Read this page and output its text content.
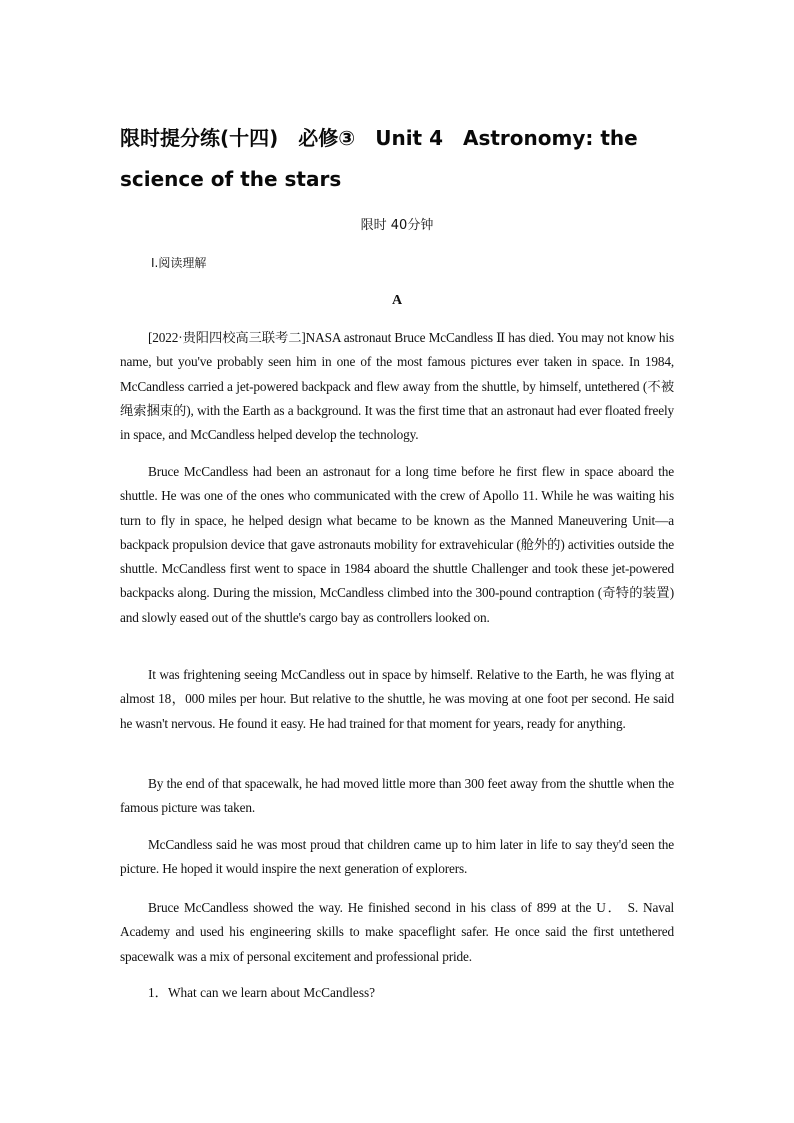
限时提分练(十四)　必修③　Unit 4　Astronomy: the
science of the stars
限时 40分钟
Ⅰ.阅读理解
A

[2022·贵阳四校高三联考二]NASA astronaut Bruce McCandless Ⅱ has died. You may not know his name, but you've probably seen him in one of the most famous pictures ever taken in space. In 1984, McCandless carried a jet-powered backpack and flew away from the shuttle, by himself, untethered (不被绳索捆束的), with the Earth as a background. It was the first time that an astronaut had ever floated freely in space, and McCandless helped develop the technology.

Bruce McCandless had been an astronaut for a long time before he first flew in space aboard the shuttle. He was one of the ones who communicated with the crew of Apollo 11. While he was waiting his turn to fly in space, he helped design what became to be known as the Manned Maneuvering Unit—a backpack propulsion device that gave astronauts mobility for extravehicular (舱外的) activities outside the shuttle. McCandless first went to space in 1984 aboard the shuttle Challenger and took these jet-powered backpacks along. During the mission, McCandless climbed into the 300-pound contraption (奇特的装置) and slowly eased out of the shuttle's cargo bay as controllers looked on.

It was frightening seeing McCandless out in space by himself. Relative to the Earth, he was flying at almost 18，000 miles per hour. But relative to the shuttle, he was moving at one foot per second. He said he wasn't nervous. He found it easy. He had trained for that moment for years, ready for anything.

By the end of that spacewalk, he had moved little more than 300 feet away from the shuttle when the famous picture was taken.

McCandless said he was most proud that children came up to him later in life to say they'd seen the picture. He hoped it would inspire the next generation of explorers.

Bruce McCandless showed the way. He finished second in his class of 899 at the U． S. Naval Academy and used his engineering skills to make spaceflight safer. He once said the first untethered spacewalk was a mix of personal excitement and professional pride.

1．What can we learn about McCandless?
